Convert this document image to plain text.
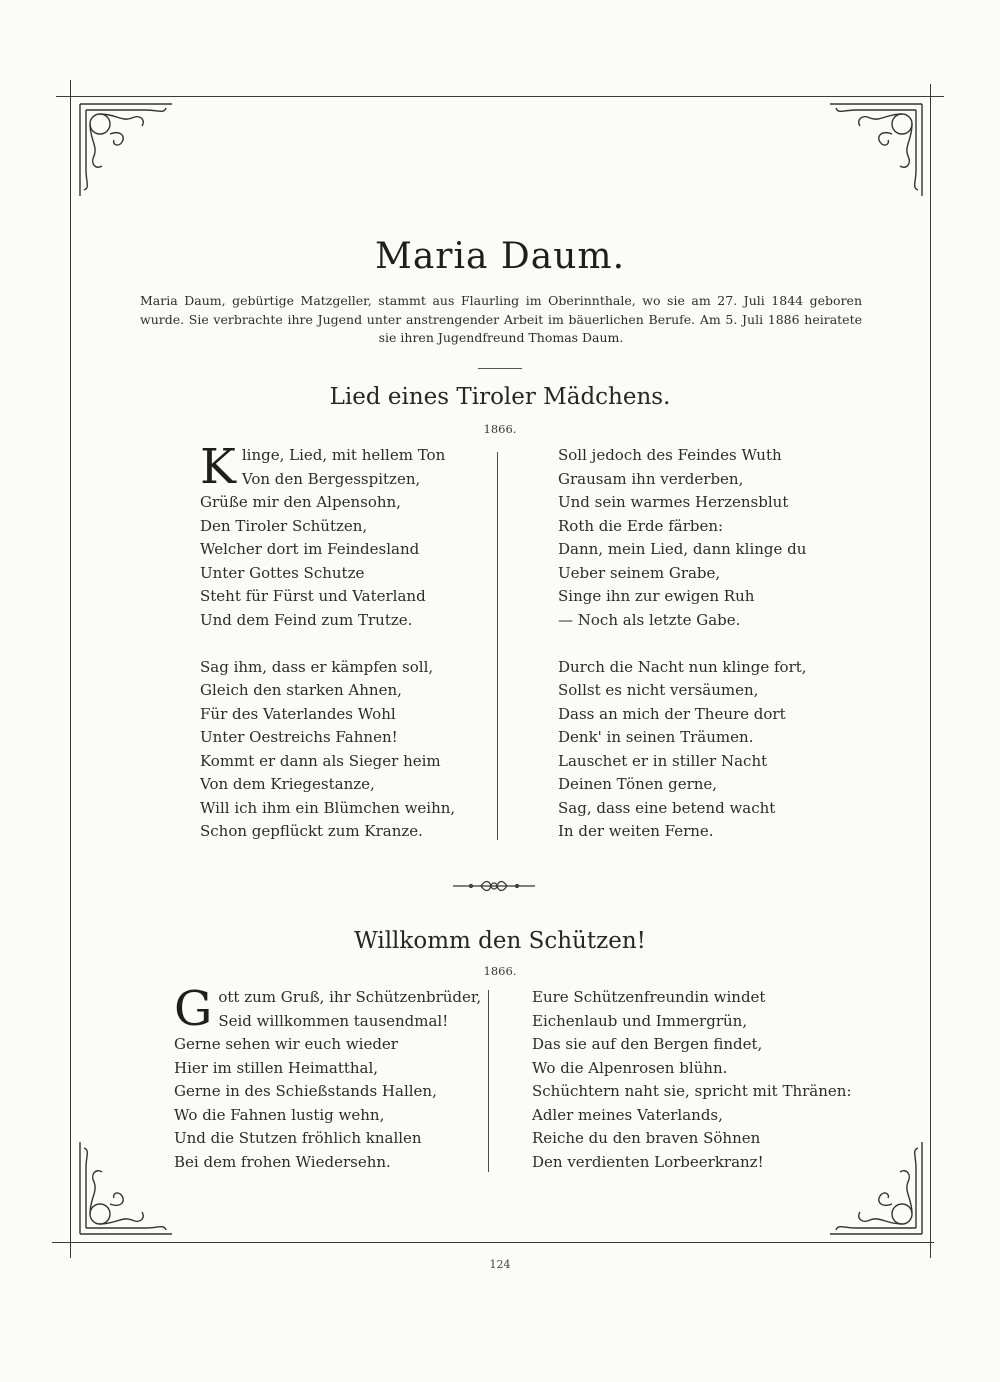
Maria Daum.
Maria Daum, gebürtige Matzgeller, stammt aus Flaurling im Oberinnthale, wo sie am 27. Juli 1844 geboren wurde. Sie verbrachte ihre Jugend unter anstrengender Arbeit im bäuerlichen Berufe. Am 5. Juli 1886 heiratete sie ihren Jugendfreund Thomas Daum.
Lied eines Tiroler Mädchens.
1866.
K linge, Lied, mit hellem Ton
Von den Bergesspitzen,
Grüße mir den Alpensohn,
Den Tiroler Schützen,
Welcher dort im Feindesland
Unter Gottes Schutze
Steht für Fürst und Vaterland
Und dem Feind zum Trutze.
Sag ihm, dass er kämpfen soll,
Gleich den starken Ahnen,
Für des Vaterlandes Wohl
Unter Oestreichs Fahnen!
Kommt er dann als Sieger heim
Von dem Kriegestanze,
Will ich ihm ein Blümchen weihn,
Schon gepflückt zum Kranze.
Soll jedoch des Feindes Wuth
Grausam ihn verderben,
Und sein warmes Herzensblut
Roth die Erde färben:
Dann, mein Lied, dann klinge du
Ueber seinem Grabe,
Singe ihn zur ewigen Ruh
— Noch als letzte Gabe.
Durch die Nacht nun klinge fort,
Sollst es nicht versäumen,
Dass an mich der Theure dort
Denk' in seinen Träumen.
Lauschet er in stiller Nacht
Deinen Tönen gerne,
Sag, dass eine betend wacht
In der weiten Ferne.
Willkomm den Schützen!
1866.
G ott zum Gruß, ihr Schützenbrüder,
Seid willkommen tausendmal!
Gerne sehen wir euch wieder
Hier im stillen Heimatthal,
Gerne in des Schießstands Hallen,
Wo die Fahnen lustig wehn,
Und die Stutzen fröhlich knallen
Bei dem frohen Wiedersehn.
Eure Schützenfreundin windet
Eichenlaub und Immergrün,
Das sie auf den Bergen findet,
Wo die Alpenrosen blühn.
Schüchtern naht sie, spricht mit Thränen:
Adler meines Vaterlands,
Reiche du den braven Söhnen
Den verdienten Lorbeerkranz!
124
